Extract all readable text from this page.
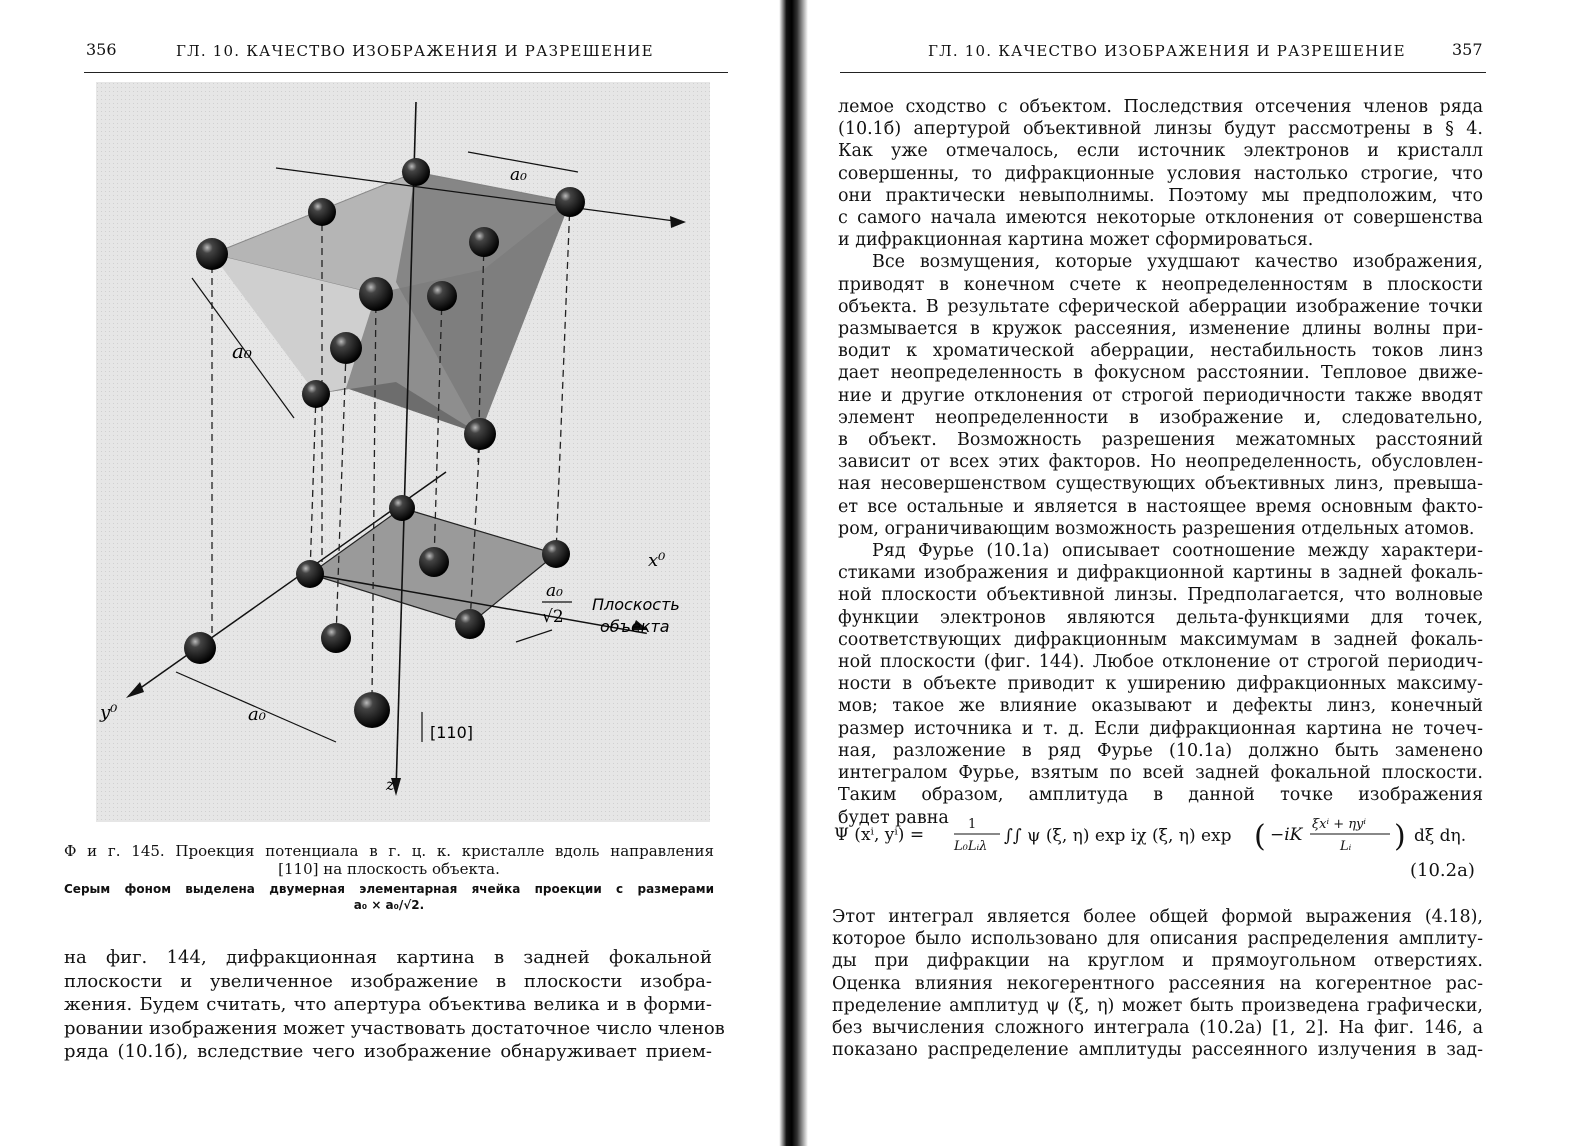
356	ГЛ. 10. КАЧЕСТВО ИЗОБРАЖЕНИЯ И РАЗРЕШЕНИЕ
a₀
a₀
a₀
x⁰
y⁰
z
a₀
√2
Плоскость
объекта
[110]
Ф и г. 145. Проекция потенциала в г. ц. к. кристалле вдоль направления
[110] на плоскость объекта.
Серым фоном выделена двумерная элементарная ячейка проекции с размерами
a₀ × a₀/√2.
на фиг. 144, дифракционная картина в задней фокальной
плоскости и увеличенное изображение в плоскости изобра-
жения. Будем считать, что апертура объектива велика и в форми-
ровании изображения может участвовать достаточное число членов
ряда (10.1б), вследствие чего изображение обнаруживает прием-
ГЛ. 10. КАЧЕСТВО ИЗОБРАЖЕНИЯ И РАЗРЕШЕНИЕ	357
лемое сходство с объектом. Последствия отсечения членов ряда
(10.1б) апертурой объективной линзы будут рассмотрены в § 4.
Как уже отмечалось, если источник электронов и кристалл
совершенны, то дифракционные условия настолько строгие, что
они практически невыполнимы. Поэтому мы предположим, что
с самого начала имеются некоторые отклонения от совершенства
и дифракционная картина может сформироваться.
Все возмущения, которые ухудшают качество изображения,
приводят в конечном счете к неопределенностям в плоскости
объекта. В результате сферической аберрации изображение точки
размывается в кружок рассеяния, изменение длины волны при-
водит к хроматической аберрации, нестабильность токов линз
дает неопределенность в фокусном расстоянии. Тепловое движе-
ние и другие отклонения от строгой периодичности также вводят
элемент неопределенности в изображение и, следовательно,
в объект. Возможность разрешения межатомных расстояний
зависит от всех этих факторов. Но неопределенность, обусловлен-
ная несовершенством существующих объективных линз, превыша-
ет все остальные и является в настоящее время основным факто-
ром, ограничивающим возможность разрешения отдельных атомов.
Ряд Фурье (10.1а) описывает соотношение между характери-
стиками изображения и дифракционной картины в задней фокаль-
ной плоскости объективной линзы. Предполагается, что волновые
функции электронов являются дельта-функциями для точек,
соответствующих дифракционным максимумам в задней фокаль-
ной плоскости (фиг. 144). Любое отклонение от строгой периодич-
ности в объекте приводит к уширению дифракционных максиму-
мов; такое же влияние оказывают и дефекты линз, конечный
размер источника и т. д. Если дифракционная картина не точеч-
ная, разложение в ряд Фурье (10.1а) должно быть заменено
интегралом Фурье, взятым по всей задней фокальной плоскости.
Таким образом, амплитуда в данной точке изображения
будет равна
Ψ (xⁱ, yⁱ) =
1
L₀Lᵢλ
∫∫ ψ (ξ, η) exp iχ (ξ, η) exp ( −iK
ξxⁱ + ηyⁱ
Lᵢ ) dξ dη.
(10.2а)
Этот интеграл является более общей формой выражения (4.18),
которое было использовано для описания распределения амплиту-
ды при дифракции на круглом и прямоугольном отверстиях.
Оценка влияния некогерентного рассеяния на когерентное рас-
пределение амплитуд ψ (ξ, η) может быть произведена графически,
без вычисления сложного интеграла (10.2а) [1, 2]. На фиг. 146, а
показано распределение амплитуды рассеянного излучения в зад-
